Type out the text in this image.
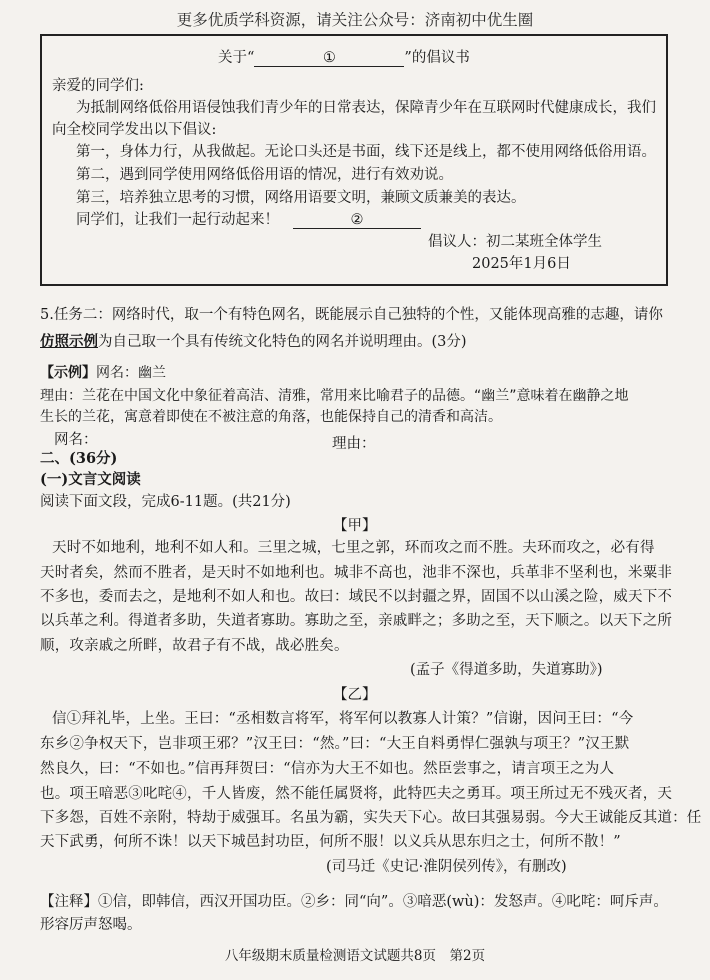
更多优质学科资源，请关注公众号：济南初中优生圈
关于“	①	”的倡议书
亲爱的同学们:
为抵制网络低俗用语侵蚀我们青少年的日常表达，保障青少年在互联网时代健康成长，我们
向全校同学发出以下倡议:
第一，身体力行，从我做起。无论口头还是书面，线下还是线上，都不使用网络低俗用语。
第二，遇到同学使用网络低俗用语的情况，进行有效劝说。
第三，培养独立思考的习惯，网络用语要文明，兼顾文质兼美的表达。
同学们，让我们一起行动起来！	②
倡议人：初二某班全体学生
2025年1月6日
5.任务二：网络时代，取一个有特色网名，既能展示自己独特的个性，又能体现高雅的志趣，请你
仿照示例为自己取一个具有传统文化特色的网名并说明理由。(3分)
【示例】网名：幽兰
理由：兰花在中国文化中象征着高洁、清雅，常用来比喻君子的品德。“幽兰”意味着在幽静之地
生长的兰花，寓意着即使在不被注意的角落，也能保持自己的清香和高洁。
网名：	理由：
二、(36分)
(一)文言文阅读
阅读下面文段，完成6-11题。(共21分)
【甲】
天时不如地利，地利不如人和。三里之城，七里之郭，环而攻之而不胜。夫环而攻之，必有得
天时者矣，然而不胜者，是天时不如地利也。城非不高也，池非不深也，兵革非不坚利也，米粟非
不多也，委而去之，是地利不如人和也。故曰：域民不以封疆之界，固国不以山溪之险，威天下不
以兵革之利。得道者多助，失道者寡助。寡助之至，亲戚畔之；多助之至，天下顺之。以天下之所
顺，攻亲戚之所畔，故君子有不战，战必胜矣。
(孟子《得道多助，失道寡助》)
【乙】
信①拜礼毕，上坐。王曰：“丞相数言将军，将军何以教寡人计策？”信谢，因问王曰：“今
东乡②争权天下，岂非项王邪？”汉王曰：“然。”曰：“大王自料勇悍仁强孰与项王？”汉王默
然良久，曰：“不如也。”信再拜贺曰：“信亦为大王不如也。然臣尝事之，请言项王之为人
也。项王喑恶③叱咤④，千人皆废，然不能任属贤将，此特匹夫之勇耳。项王所过无不残灭者，天
下多怨，百姓不亲附，特劫于威强耳。名虽为霸，实失天下心。故曰其强易弱。今大王诚能反其道：任
天下武勇，何所不诛！以天下城邑封功臣，何所不服！以义兵从思东归之士，何所不散！”
(司马迁《史记·淮阴侯列传》，有删改)
【注释】①信，即韩信，西汉开国功臣。②乡：同“向”。③喑恶(wù)：发怒声。④叱咤：呵斥声。
形容厉声怒喝。
八年级期末质量检测语文试题共8页　第2页
